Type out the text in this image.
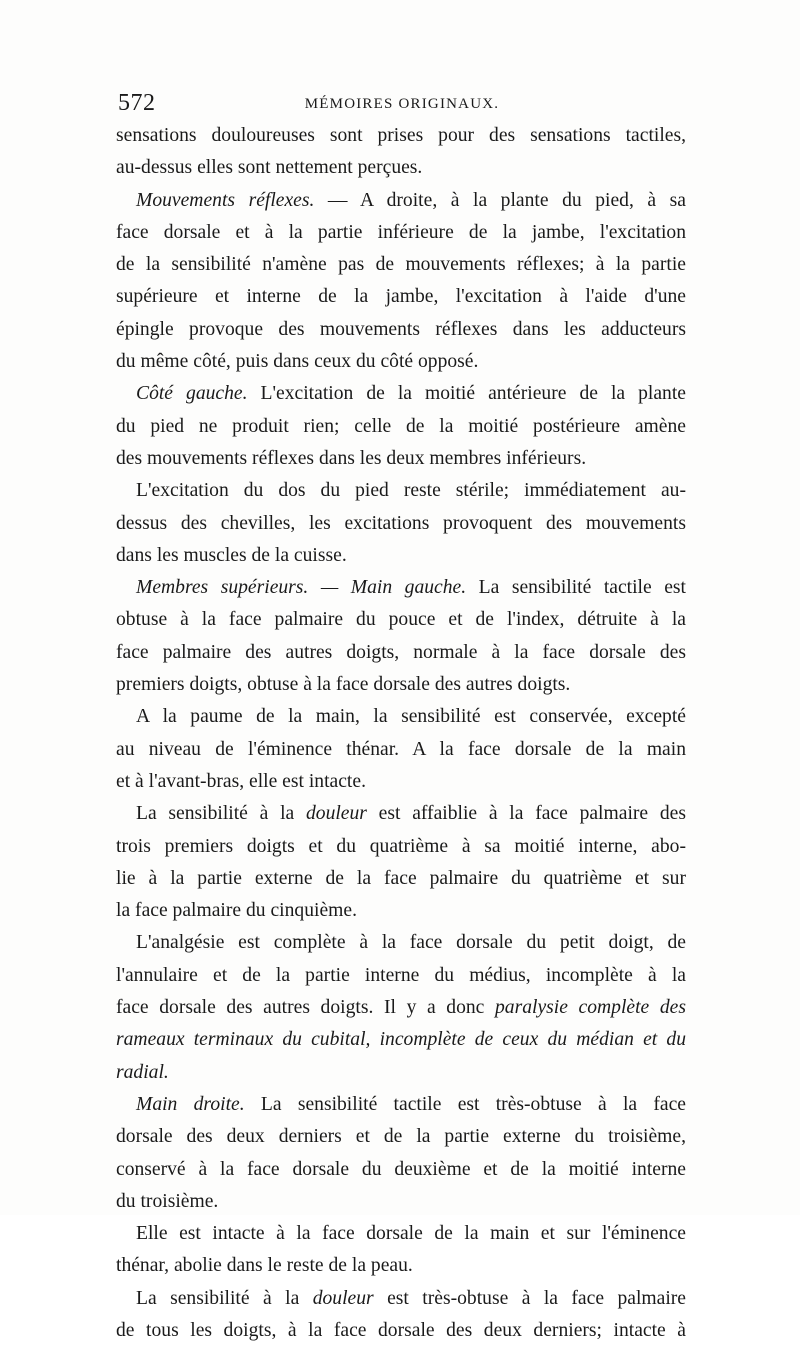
572	MÉMOIRES ORIGINAUX.
sensations douloureuses sont prises pour des sensations tactiles,
au-dessus elles sont nettement perçues.
Mouvements réflexes. — A droite, à la plante du pied, à sa
face dorsale et à la partie inférieure de la jambe, l'excitation
de la sensibilité n'amène pas de mouvements réflexes; à la partie
supérieure et interne de la jambe, l'excitation à l'aide d'une
épingle provoque des mouvements réflexes dans les adducteurs
du même côté, puis dans ceux du côté opposé.
Côté gauche. L'excitation de la moitié antérieure de la plante
du pied ne produit rien; celle de la moitié postérieure amène
des mouvements réflexes dans les deux membres inférieurs.
L'excitation du dos du pied reste stérile; immédiatement au-
dessus des chevilles, les excitations provoquent des mouvements
dans les muscles de la cuisse.
Membres supérieurs. — Main gauche. La sensibilité tactile est
obtuse à la face palmaire du pouce et de l'index, détruite à la
face palmaire des autres doigts, normale à la face dorsale des
premiers doigts, obtuse à la face dorsale des autres doigts.
A la paume de la main, la sensibilité est conservée, excepté
au niveau de l'éminence thénar. A la face dorsale de la main
et à l'avant-bras, elle est intacte.
La sensibilité à la douleur est affaiblie à la face palmaire des
trois premiers doigts et du quatrième à sa moitié interne, abo-
lie à la partie externe de la face palmaire du quatrième et sur
la face palmaire du cinquième.
L'analgésie est complète à la face dorsale du petit doigt, de
l'annulaire et de la partie interne du médius, incomplète à la
face dorsale des autres doigts. Il y a donc paralysie complète des
rameaux terminaux du cubital, incomplète de ceux du médian et du
radial.
Main droite. La sensibilité tactile est très-obtuse à la face
dorsale des deux derniers et de la partie externe du troisième,
conservé à la face dorsale du deuxième et de la moitié interne
du troisième.
Elle est intacte à la face dorsale de la main et sur l'éminence
thénar, abolie dans le reste de la peau.
La sensibilité à la douleur est très-obtuse à la face palmaire
de tous les doigts, à la face dorsale des deux derniers; intacte à
